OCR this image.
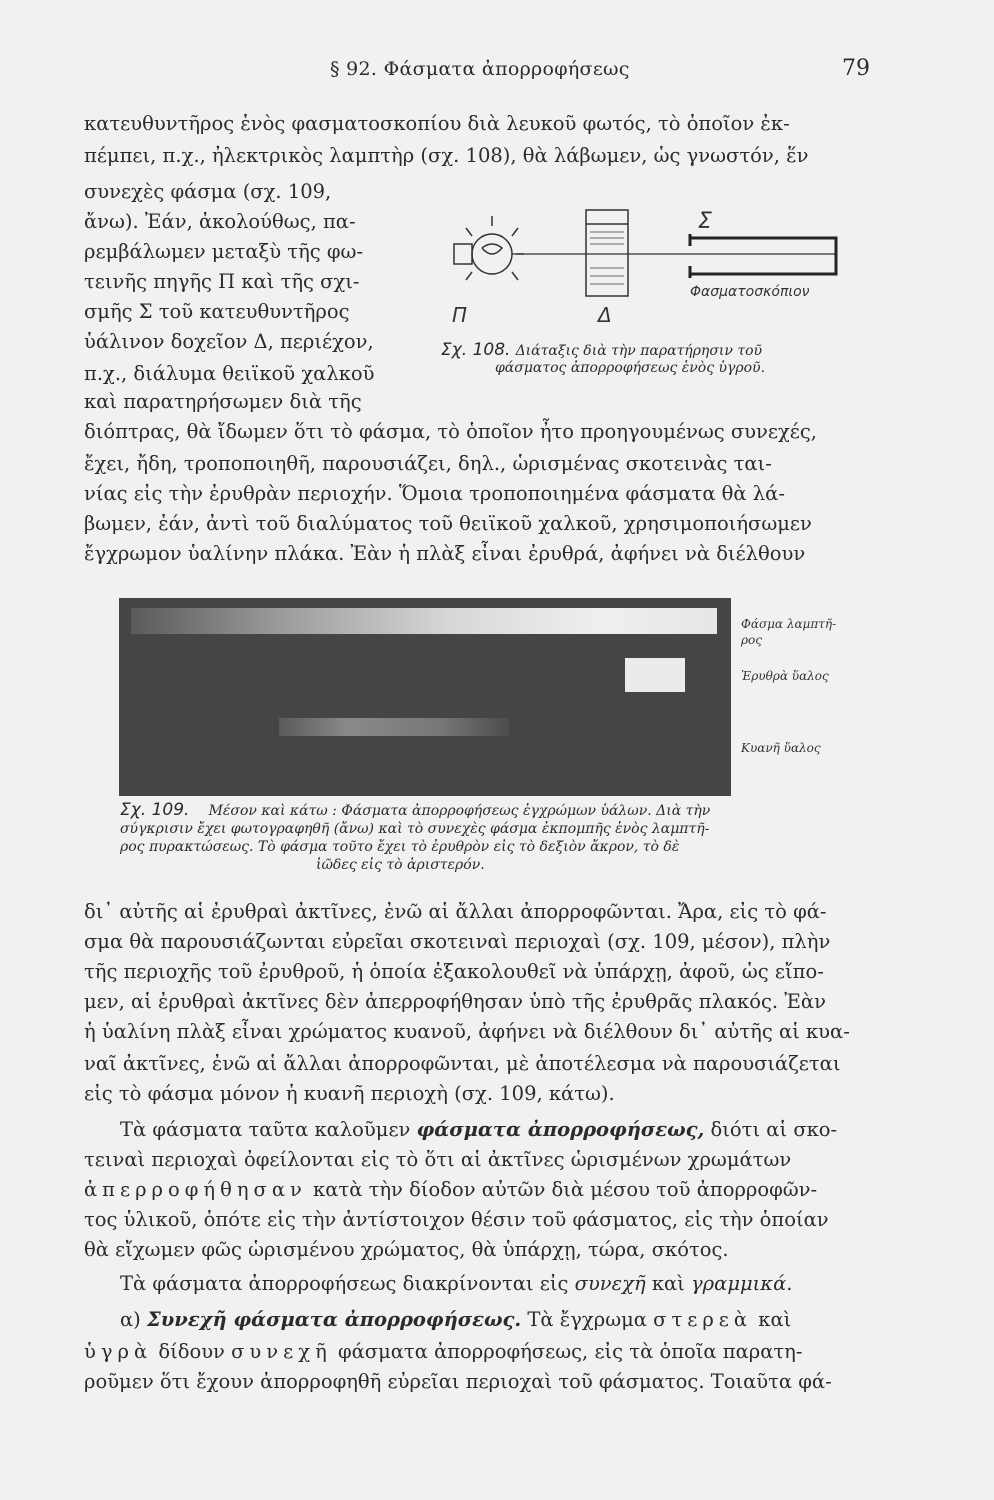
§ 92. Φάσματα ἀπορροφήσεως	79
κατευθυντῆρος ἑνὸς φασματοσκοπίου διὰ λευκοῦ φωτός, τὸ ὁποῖον ἐκ-
πέμπει, π.χ., ἠλεκτρικὸς λαμπτὴρ (σχ. 108), θὰ λάβωμεν, ὡς γνωστόν, ἕν
συνεχὲς φάσμα (σχ. 109,
ἄνω). Ἐάν, ἀκολούθως, πα-
ρεμβάλωμεν μεταξὺ τῆς φω-
τεινῆς πηγῆς Π καὶ τῆς σχι-
σμῆς Σ τοῦ κατευθυντῆρος
ὑάλινον δοχεῖον Δ, περιέχον,
π.χ., διάλυμα θειϊκοῦ χαλκοῦ
καὶ παρατηρήσωμεν διὰ τῆς
διόπτρας, θὰ ἴδωμεν ὅτι τὸ φάσμα, τὸ ὁποῖον ἦτο προηγουμένως συνεχές,
ἔχει, ἤδη, τροποποιηθῆ, παρουσιάζει, δηλ., ὡρισμένας σκοτεινὰς ται-
νίας εἰς τὴν ἐρυθρὰν περιοχήν. Ὅμοια τροποποιημένα φάσματα θὰ λά-
βωμεν, ἐάν, ἀντὶ τοῦ διαλύματος τοῦ θειϊκοῦ χαλκοῦ, χρησιμοποιήσωμεν
ἔγχρωμον ὑαλίνην πλάκα. Ἐὰν ἡ πλὰξ εἶναι ἐρυθρά, ἀφήνει νὰ διέλθουν
Σ
Φασματοσκόπιον
Π	Δ
Σχ. 108. Διάταξις διὰ τὴν παρατήρησιν τοῦ
φάσματος ἀπορροφήσεως ἑνὸς ὑγροῦ.
Φάσμα λαμπτῆ-
ρος
Ἐρυθρὰ ὕαλος
Κυανῆ ὕαλος
Σχ. 109. Μέσον καὶ κάτω : Φάσματα ἀπορροφήσεως ἐγχρώμων ὑάλων. Διὰ τὴν
σύγκρισιν ἔχει φωτογραφηθῆ (ἄνω) καὶ τὸ συνεχὲς φάσμα ἐκπομπῆς ἑνὸς λαμπτῆ-
ρος πυρακτώσεως. Τὸ φάσμα τοῦτο ἔχει τὸ ἐρυθρὸν εἰς τὸ δεξιὸν ἄκρον, τὸ δὲ
ἰῶδες εἰς τὸ ἀριστερόν.
δι᾽ αὐτῆς αἱ ἐρυθραὶ ἀκτῖνες, ἐνῶ αἱ ἄλλαι ἀπορροφῶνται. Ἄρα, εἰς τὸ φά-
σμα θὰ παρουσιάζωνται εὐρεῖαι σκοτειναὶ περιοχαὶ (σχ. 109, μέσον), πλὴν
τῆς περιοχῆς τοῦ ἐρυθροῦ, ἡ ὁποία ἐξακολουθεῖ νὰ ὑπάρχῃ, ἀφοῦ, ὡς εἴπο-
μεν, αἱ ἐρυθραὶ ἀκτῖνες δὲν ἀπερροφήθησαν ὑπὸ τῆς ἐρυθρᾶς πλακός. Ἐὰν
ἡ ὑαλίνη πλὰξ εἶναι χρώματος κυανοῦ, ἀφήνει νὰ διέλθουν δι᾽ αὐτῆς αἱ κυα-
ναῖ ἀκτῖνες, ἐνῶ αἱ ἄλλαι ἀπορροφῶνται, μὲ ἀποτέλεσμα νὰ παρουσιάζεται
εἰς τὸ φάσμα μόνον ἡ κυανῆ περιοχὴ (σχ. 109, κάτω).
Τὰ φάσματα ταῦτα καλοῦμεν φάσματα ἀπορροφήσεως, διότι αἱ σκο-
τειναὶ περιοχαὶ ὀφείλονται εἰς τὸ ὅτι αἱ ἀκτῖνες ὡρισμένων χρωμάτων
ἀπερροφήθησαν κατὰ τὴν δίοδον αὐτῶν διὰ μέσου τοῦ ἀπορροφῶν-
τος ὑλικοῦ, ὁπότε εἰς τὴν ἀντίστοιχον θέσιν τοῦ φάσματος, εἰς τὴν ὁποίαν
θὰ εἴχωμεν φῶς ὡρισμένου χρώματος, θὰ ὑπάρχῃ, τώρα, σκότος.
Τὰ φάσματα ἀπορροφήσεως διακρίνονται εἰς συνεχῆ καὶ γραμμικά.
α) Συνεχῆ φάσματα ἀπορροφήσεως. Τὰ ἔγχρωμα στερεὰ καὶ
ὑγρὰ δίδουν συνεχῆ φάσματα ἀπορροφήσεως, εἰς τὰ ὁποῖα παρατη-
ροῦμεν ὅτι ἔχουν ἀπορροφηθῆ εὐρεῖαι περιοχαὶ τοῦ φάσματος. Τοιαῦτα φά-
